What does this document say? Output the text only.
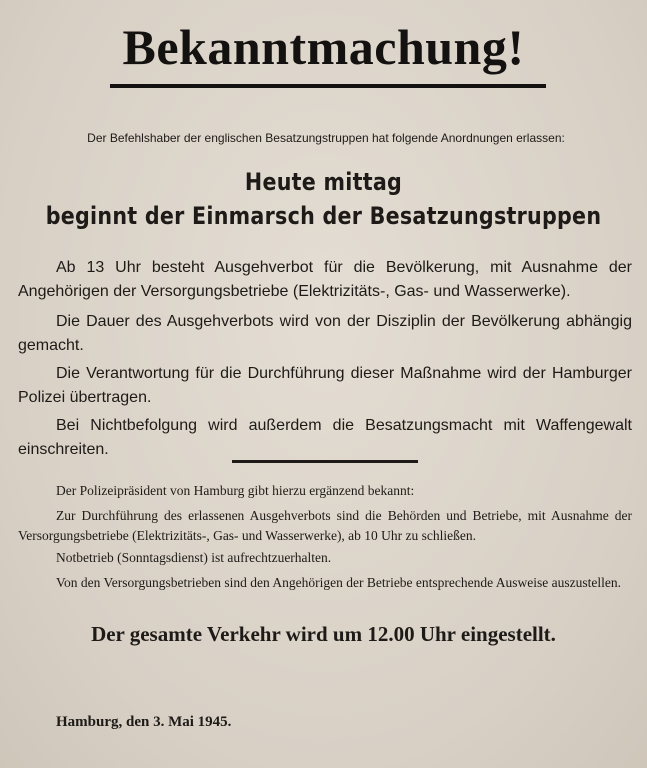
Bekanntmachung!
Der Befehlshaber der englischen Besatzungstruppen hat folgende Anordnungen erlassen:
Heute mittag
beginnt der Einmarsch der Besatzungstruppen
Ab 13 Uhr besteht Ausgehverbot für die Bevölkerung, mit Ausnahme der Angehörigen der Versorgungsbetriebe (Elektrizitäts-, Gas- und Wasserwerke).
Die Dauer des Ausgehverbots wird von der Disziplin der Bevölkerung abhängig gemacht.
Die Verantwortung für die Durchführung dieser Maßnahme wird der Hamburger Polizei übertragen.
Bei Nichtbefolgung wird außerdem die Besatzungsmacht mit Waffengewalt einschreiten.
Der Polizeipräsident von Hamburg gibt hierzu ergänzend bekannt:
Zur Durchführung des erlassenen Ausgehverbots sind die Behörden und Betriebe, mit Ausnahme der Versorgungsbetriebe (Elektrizitäts-, Gas- und Wasserwerke), ab 10 Uhr zu schließen.
Notbetrieb (Sonntagsdienst) ist aufrechtzuerhalten.
Von den Versorgungsbetrieben sind den Angehörigen der Betriebe entsprechende Ausweise auszustellen.
Der gesamte Verkehr wird um 12.00 Uhr eingestellt.
Hamburg, den 3. Mai 1945.
